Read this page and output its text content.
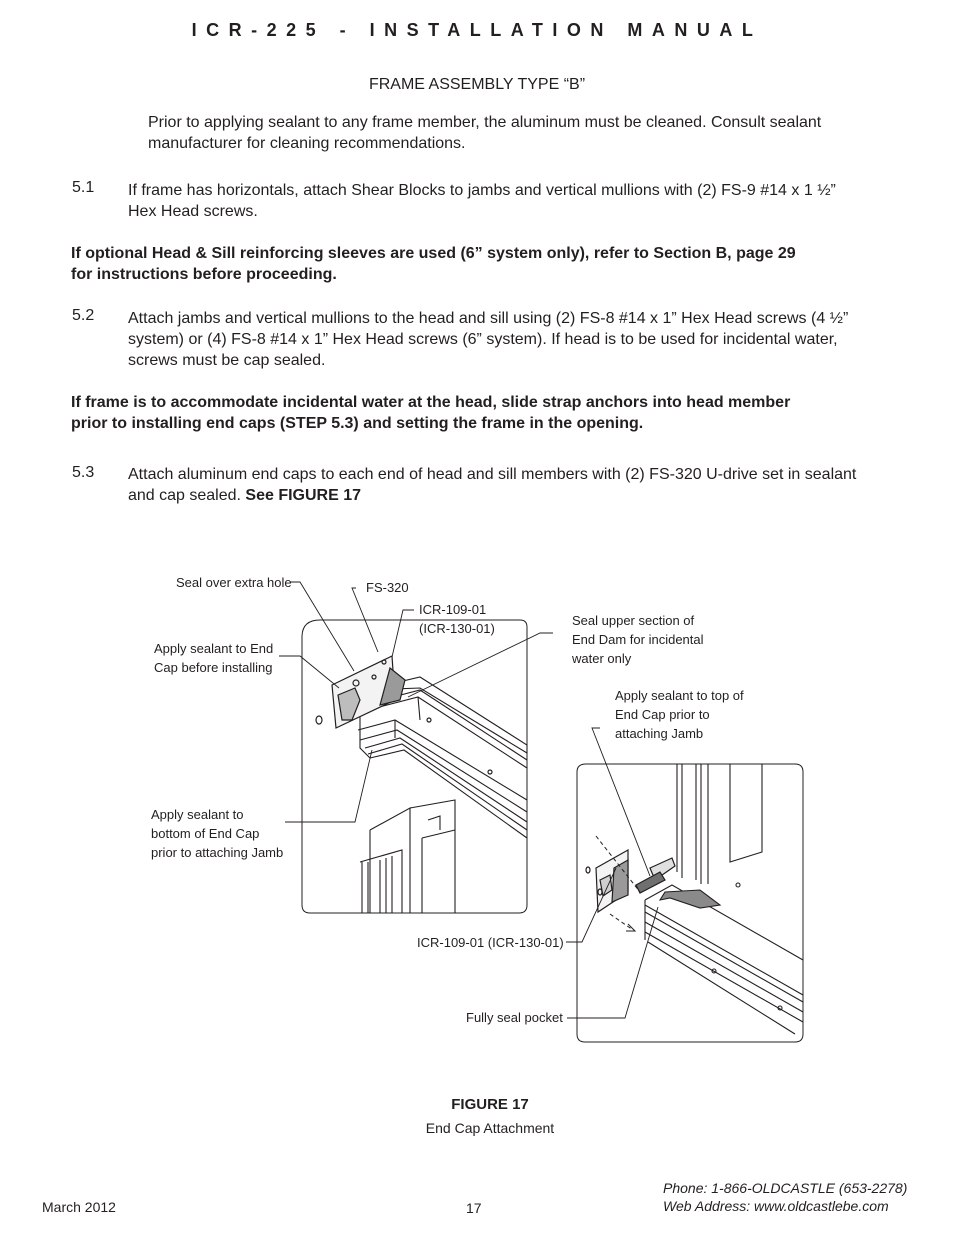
ICR-225 - INSTALLATION MANUAL
FRAME ASSEMBLY TYPE “B”
Prior to applying sealant to any frame member, the aluminum must be cleaned. Consult sealant
manufacturer for cleaning recommendations.
5.1 If frame has horizontals, attach Shear Blocks to jambs and vertical mullions with (2) FS-9 #14 x 1 ½”
Hex Head screws.
If optional Head & Sill reinforcing sleeves are used (6” system only), refer to Section B, page 29
for instructions before proceeding.
5.2 Attach jambs and vertical mullions to the head and sill using (2) FS-8 #14 x 1” Hex Head screws (4 ½”
system) or (4) FS-8 #14 x 1” Hex Head screws (6” system). If head is to be used for incidental water,
screws must be cap sealed.
If frame is to accommodate incidental water at the head, slide strap anchors into head member
prior to installing end caps (STEP 5.3) and setting the frame in the opening.
5.3 Attach aluminum end caps to each end of head and sill members with (2) FS-320 U-drive set in sealant
and cap sealed. See FIGURE 17
Seal over extra hole	FS-320
ICR-109-01
(ICR-130-01)
Seal upper section of
End Dam for incidental
water only
Apply sealant to End
Cap before installing
Apply sealant to top of
End Cap prior to
attaching Jamb
Apply sealant to
bottom of End Cap
prior to attaching Jamb
ICR-109-01 (ICR-130-01)
Fully seal pocket
FIGURE 17
End Cap Attachment
March 2012	17
Phone: 1-866-OLDCASTLE (653-2278)
Web Address: www.oldcastlebe.com
